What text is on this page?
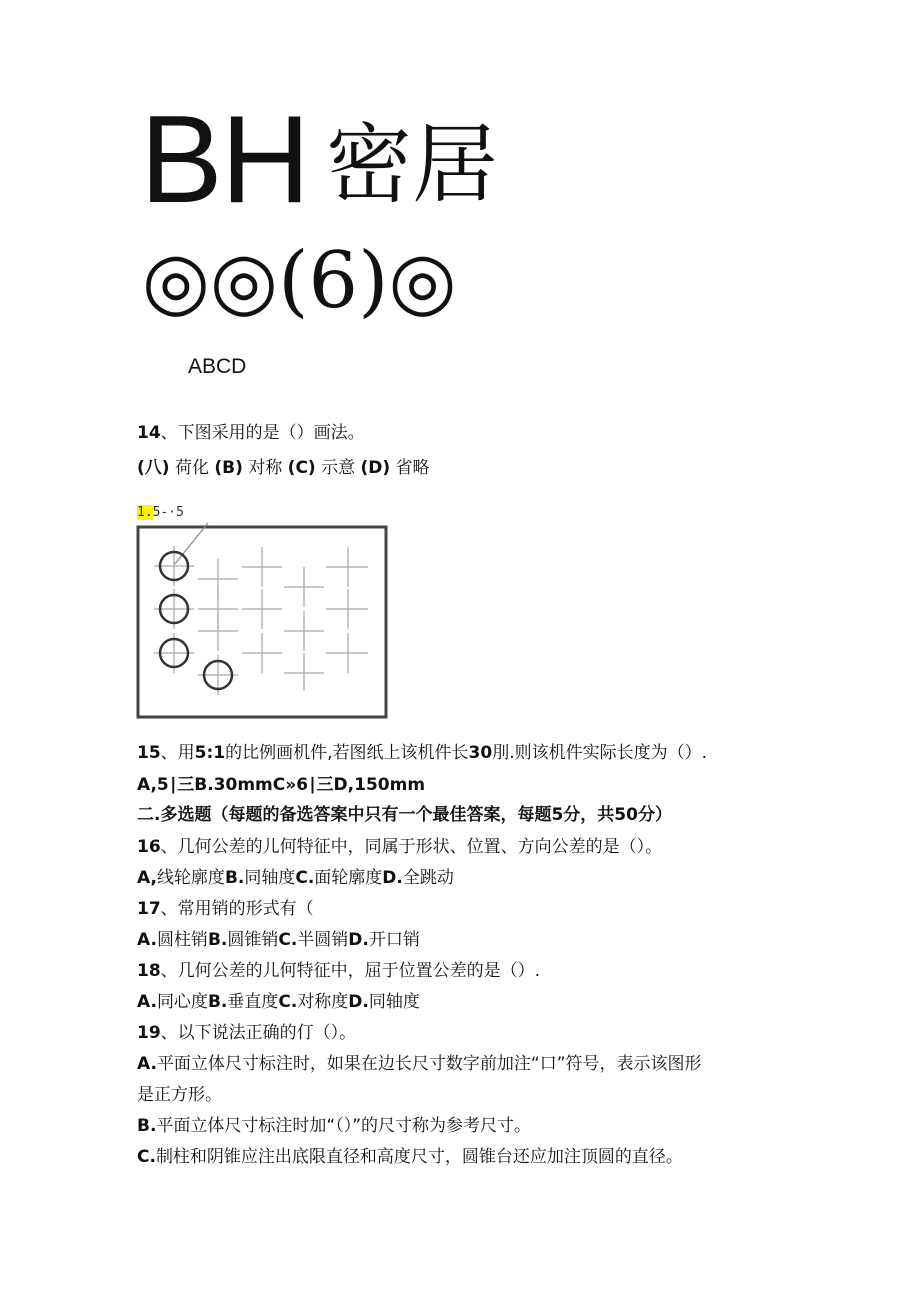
BH 密居
◎◎(6)◎
ABCD
14、下图采用的是（）画法。
(八) 荷化 (B) 对称 (C) 示意 (D) 省略
1.5-·5
15、用5:1的比例画机件,若图纸上该机件长30刖.则该机件实际长度为（）.
A,5∣三B.30mmC»6∣三D,150mm
二.多选题（每题的备选答案中只有一个最佳答案，每题5分，共50分）
16、几何公差的儿何特征中，同属于形状、位置、方向公差的是（）。
A,线轮廓度B.同轴度C.面轮廓度D.全跳动
17、常用销的形式有（
A.圆柱销B.圆锥销C.半圆销D.开口销
18、几何公差的儿何特征中，屈于位置公差的是（）.
A.同心度B.垂直度C.对称度D.同轴度
19、以下说法正确的仃（）。
A.平面立体尺寸标注时，如果在边长尺寸数字前加注“口”符号，表示该图形
是正方形。
B.平面立体尺寸标注时加“（）”的尺寸称为参考尺寸。
C.制柱和阴锥应注出底限直径和高度尺寸，圆锥台还应加注顶圆的直径。
